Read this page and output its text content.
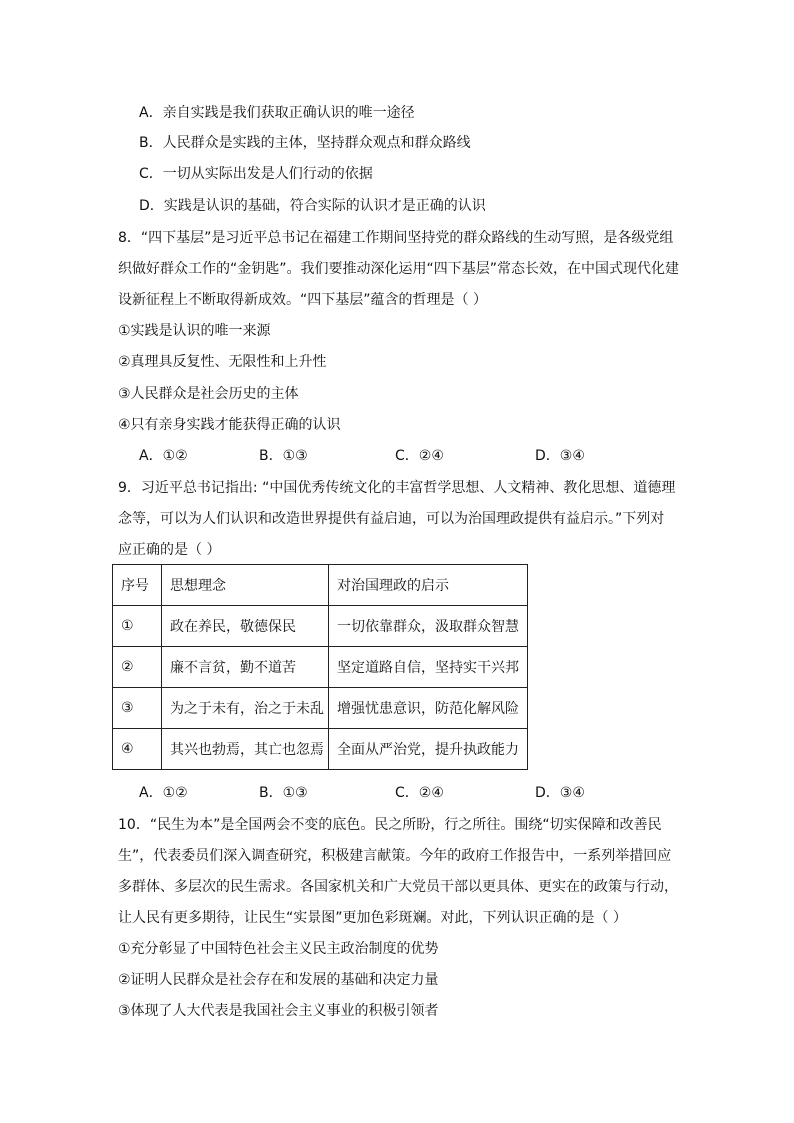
A．亲自实践是我们获取正确认识的唯一途径
B．人民群众是实践的主体，坚持群众观点和群众路线
C．一切从实际出发是人们行动的依据
D．实践是认识的基础，符合实际的认识才是正确的认识
8．“四下基层”是习近平总书记在福建工作期间坚持党的群众路线的生动写照，是各级党组
织做好群众工作的“金钥匙”。我们要推动深化运用“四下基层”常态长效，在中国式现代化建
设新征程上不断取得新成效。“四下基层”蕴含的哲理是（ ）
①实践是认识的唯一来源
②真理具反复性、无限性和上升性
③人民群众是社会历史的主体
④只有亲身实践才能获得正确的认识
A．①②	B．①③	C．②④	D．③④
9．习近平总书记指出: “中国优秀传统文化的丰富哲学思想、人文精神、教化思想、道德理
念等，可以为人们认识和改造世界提供有益启迪，可以为治国理政提供有益启示。”下列对
应正确的是（ ）
序号	思想理念	对治国理政的启示
①	政在养民，敬德保民	一切依靠群众，汲取群众智慧
②	廉不言贫，勤不道苦	坚定道路自信，坚持实干兴邦
③	为之于未有，治之于未乱	增强忧患意识，防范化解风险
④	其兴也勃焉，其亡也忽焉	全面从严治党，提升执政能力
A．①②	B．①③	C．②④	D．③④
10．“民生为本”是全国两会不变的底色。民之所盼，行之所往。围绕“切实保障和改善民
生”，代表委员们深入调查研究，积极建言献策。今年的政府工作报告中，一系列举措回应
多群体、多层次的民生需求。各国家机关和广大党员干部以更具体、更实在的政策与行动，
让人民有更多期待，让民生“实景图”更加色彩斑斓。对此，下列认识正确的是（ ）
①充分彰显了中国特色社会主义民主政治制度的优势
②证明人民群众是社会存在和发展的基础和决定力量
③体现了人大代表是我国社会主义事业的积极引领者
